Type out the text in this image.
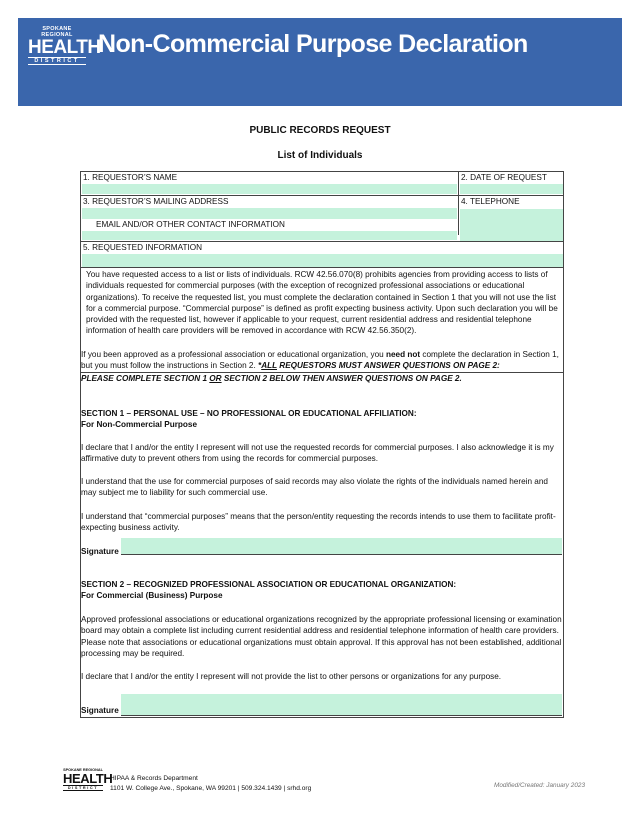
SPOKANE REGIONAL
HEALTH
DISTRICT
Non-Commercial Purpose Declaration
PUBLIC RECORDS REQUEST
List of Individuals
1. REQUESTOR’S NAME	2. DATE OF REQUEST
3. REQUESTOR’S MAILING ADDRESS
EMAIL AND/OR OTHER CONTACT INFORMATION
4. TELEPHONE
5. REQUESTED INFORMATION
You have requested access to a list or lists of individuals. RCW 42.56.070(8) prohibits agencies from providing access to lists of individuals requested for commercial purposes (with the exception of recognized professional associations or educational organizations). To receive the requested list, you must complete the declaration contained in Section 1 that you will not use the list for a commercial purpose. “Commercial purpose” is defined as profit expecting business activity. Upon such declaration you will be provided with the requested list, however if applicable to your request, current residential address and residential telephone information of health care providers will be removed in accordance with RCW 42.56.350(2).
If you been approved as a professional association or educational organization, you need not complete the declaration in Section 1, but you must follow the instructions in Section 2. *ALL REQUESTORS MUST ANSWER QUESTIONS ON PAGE 2:
PLEASE COMPLETE SECTION 1 OR SECTION 2 BELOW THEN ANSWER QUESTIONS ON PAGE 2.
SECTION 1 – PERSONAL USE – NO PROFESSIONAL OR EDUCATIONAL AFFILIATION:
For Non-Commercial Purpose
I declare that I and/or the entity I represent will not use the requested records for commercial purposes. I also acknowledge it is my affirmative duty to prevent others from using the records for commercial purposes.
I understand that the use for commercial purposes of said records may also violate the rights of the individuals named herein and may subject me to liability for such commercial use.
I understand that “commercial purposes” means that the person/entity requesting the records intends to use them to facilitate profit-expecting business activity.
Signature
SECTION 2 – RECOGNIZED PROFESSIONAL ASSOCIATION OR EDUCATIONAL ORGANIZATION:
For Commercial (Business) Purpose
Approved professional associations or educational organizations recognized by the appropriate professional licensing or examination board may obtain a complete list including current residential address and residential telephone information of health care providers. Please note that associations or educational organizations must obtain approval. If this approval has not been established, additional processing may be required.
I declare that I and/or the entity I represent will not provide the list to other persons or organizations for any purpose.
Signature
SPOKANE REGIONAL
HEALTH
DISTRICT
HIPAA & Records Department
1101 W. College Ave., Spokane, WA 99201 | 509.324.1439 | srhd.org	Modified/Created: January 2023
